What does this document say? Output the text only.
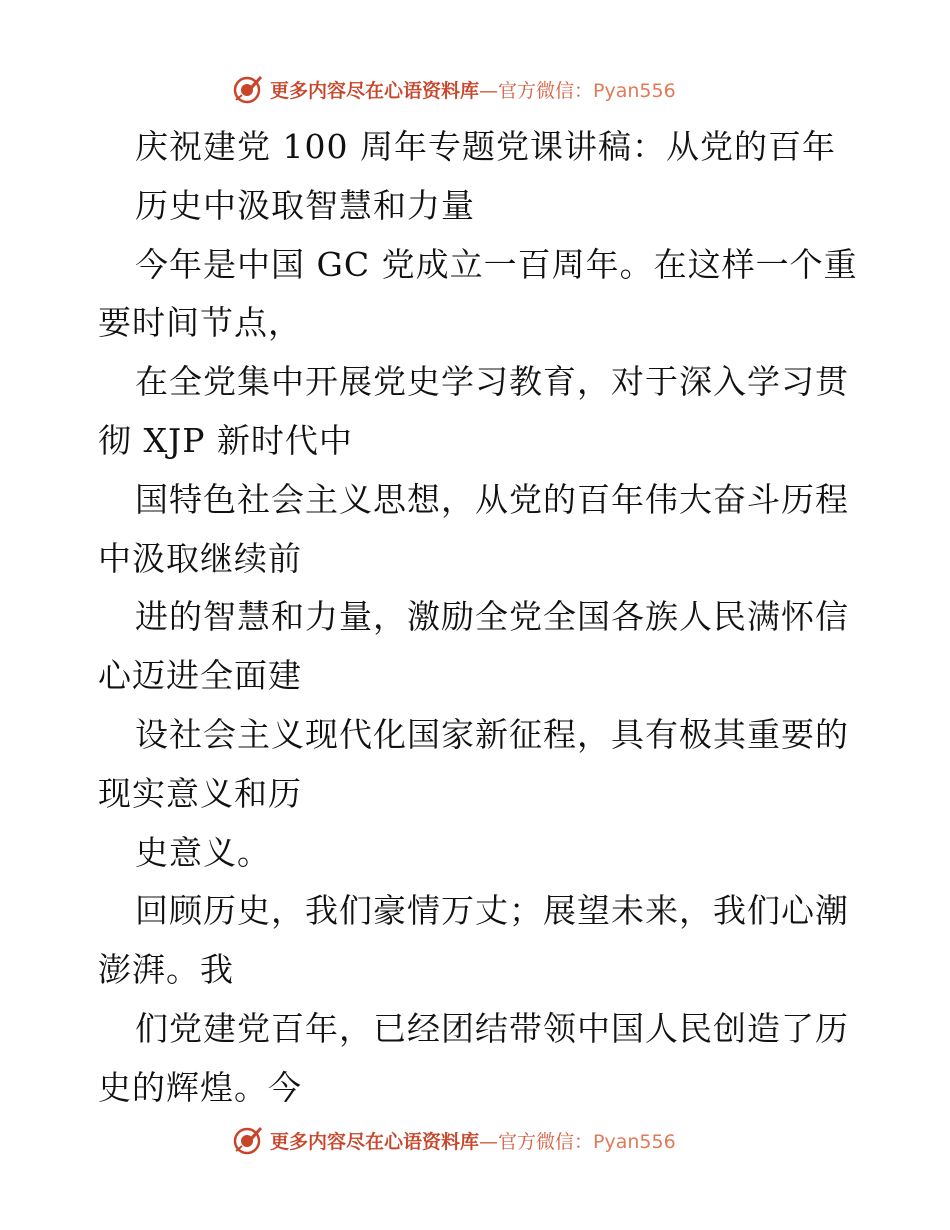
更多内容尽在心语资料库—官方微信：Pyan556
庆祝建党 100 周年专题党课讲稿：从党的百年
历史中汲取智慧和力量
今年是中国 GC 党成立一百周年。在这样一个重
要时间节点，
在全党集中开展党史学习教育，对于深入学习贯
彻 XJP 新时代中
国特色社会主义思想，从党的百年伟大奋斗历程
中汲取继续前
进的智慧和力量，激励全党全国各族人民满怀信
心迈进全面建
设社会主义现代化国家新征程，具有极其重要的
现实意义和历
史意义。
回顾历史，我们豪情万丈；展望未来，我们心潮
澎湃。我
们党建党百年，已经团结带领中国人民创造了历
史的辉煌。今
更多内容尽在心语资料库—官方微信：Pyan556
